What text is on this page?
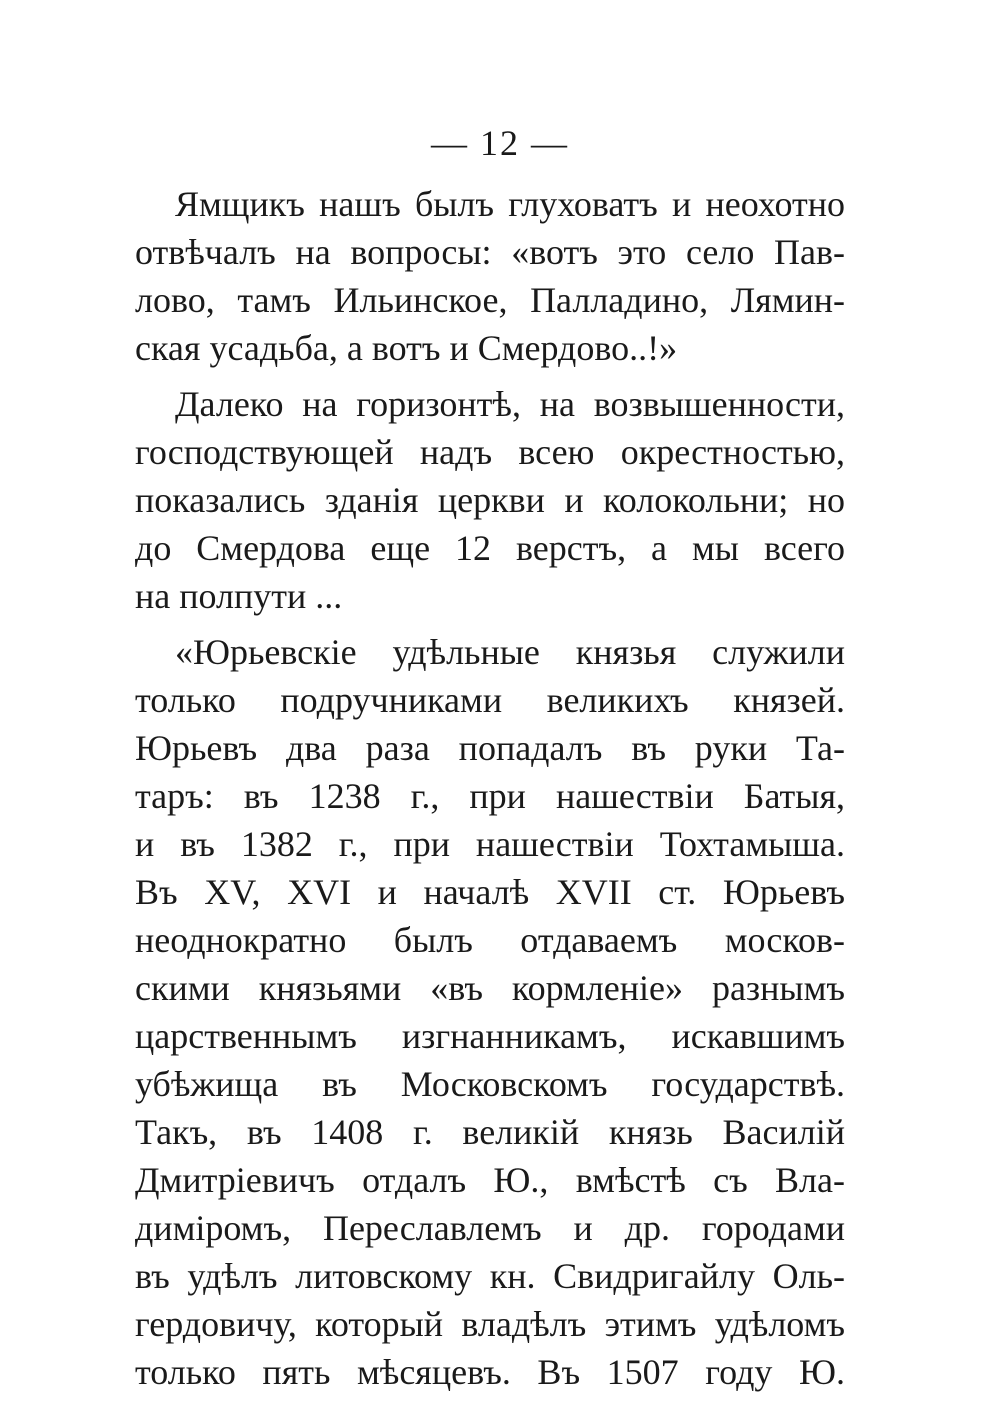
— 12 —
Ямщикъ нашъ былъ глуховатъ и неохотно
отвѣчалъ на вопросы: «вотъ это село Пав-
лово, тамъ Ильинское, Палладино, Лямин-
ская усадьба, а вотъ и Смердово..!»
Далеко на горизонтѣ, на возвышенности,
господствующей надъ всею окрестностью,
показались зданія церкви и колокольни; но
до Смердова еще 12 верстъ, а мы всего
на полпути ...
«Юрьевскіе удѣльные князья служили
только подручниками великихъ князей.
Юрьевъ два раза попадалъ въ руки Та-
таръ: въ 1238 г., при нашествіи Батыя,
и въ 1382 г., при нашествіи Тохтамыша.
Въ XV, XVI и началѣ XVII ст. Юрьевъ
неоднократно былъ отдаваемъ москов-
скими князьями «въ кормленіе» разнымъ
царственнымъ изгнанникамъ, искавшимъ
убѣжища въ Московскомъ государствѣ.
Такъ, въ 1408 г. великій князь Василій
Дмитріевичъ отдалъ Ю., вмѣстѣ съ Вла-
диміромъ, Переславлемъ и др. городами
въ удѣлъ литовскому кн. Свидригайлу Оль-
гердовичу, который владѣлъ этимъ удѣломъ
только пять мѣсяцевъ. Въ 1507 году Ю.
